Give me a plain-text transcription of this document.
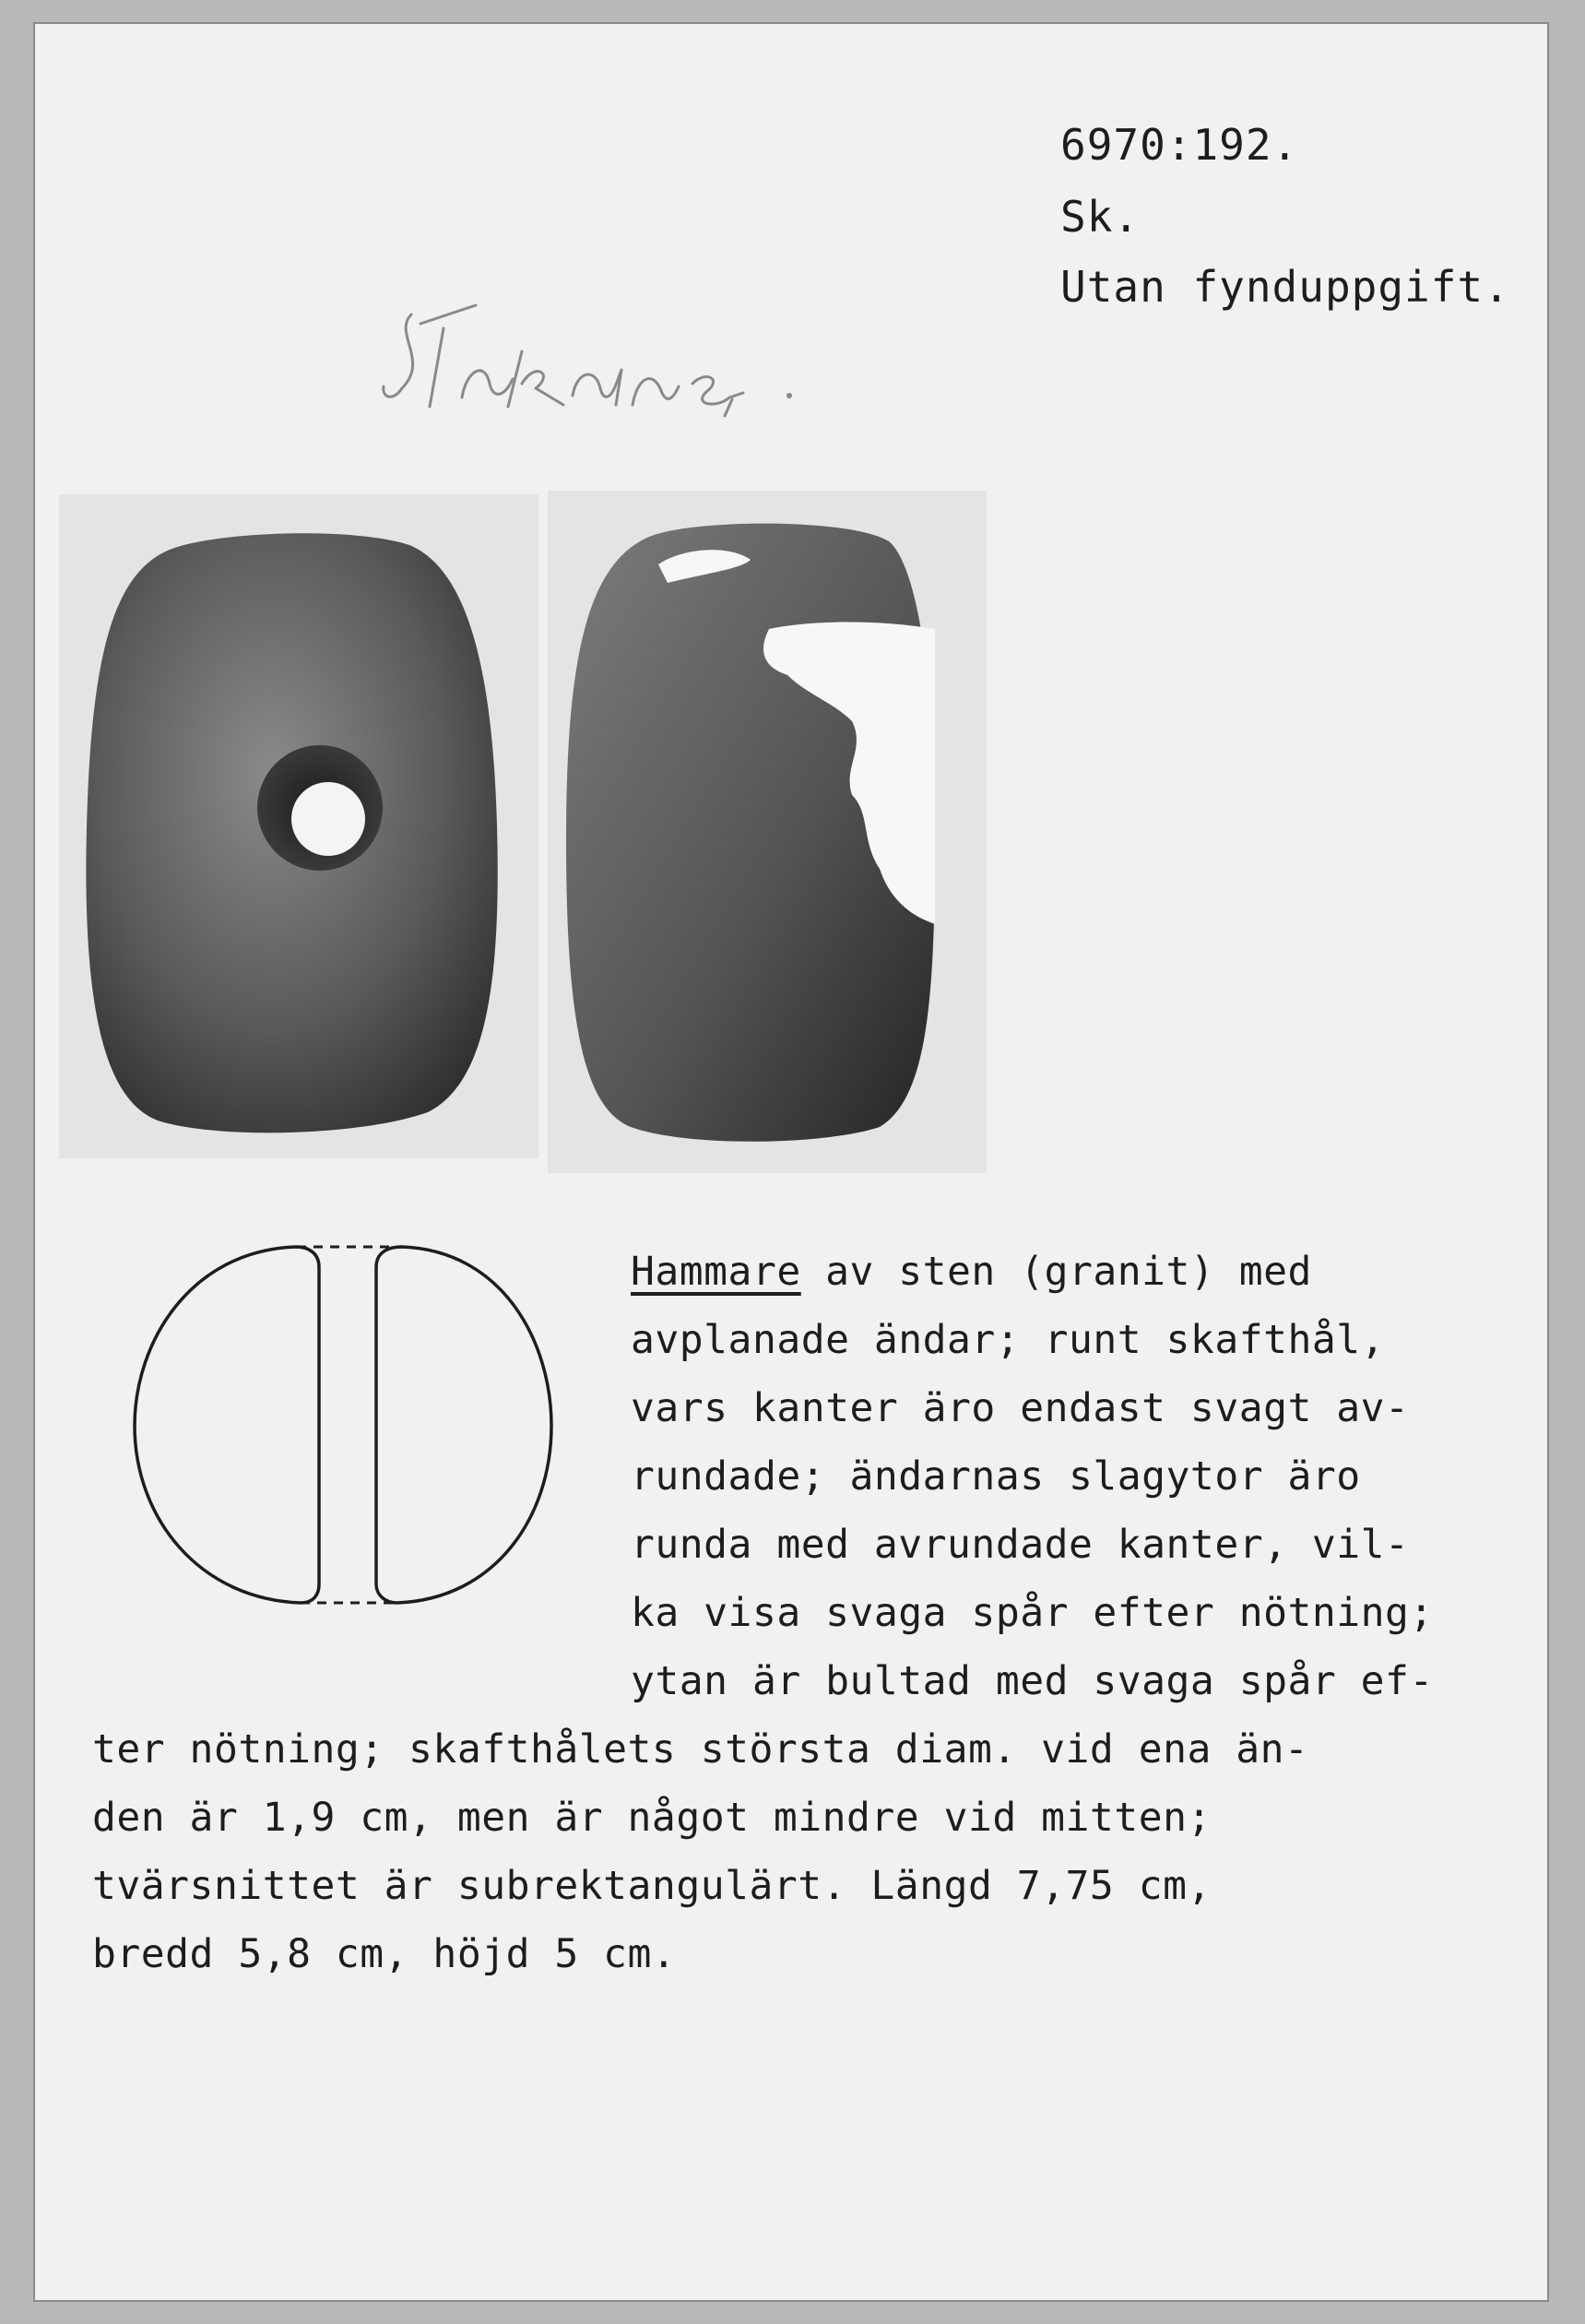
6970:192.

Sk.

Utan fynduppgift.

Hammare av sten (granit) med

avplanade ändar; runt skafthål,

vars kanter äro endast svagt av-

rundade; ändarnas slagytor äro

runda med avrundade kanter, vil-

ka visa svaga spår efter nötning;

ytan är bultad med svaga spår ef-

ter nötning; skafthålets största diam. vid ena än-

den är 1,9 cm, men är något mindre vid mitten;

tvärsnittet är subrektangulärt. Längd 7,75 cm,

bredd 5,8 cm, höjd 5 cm.
